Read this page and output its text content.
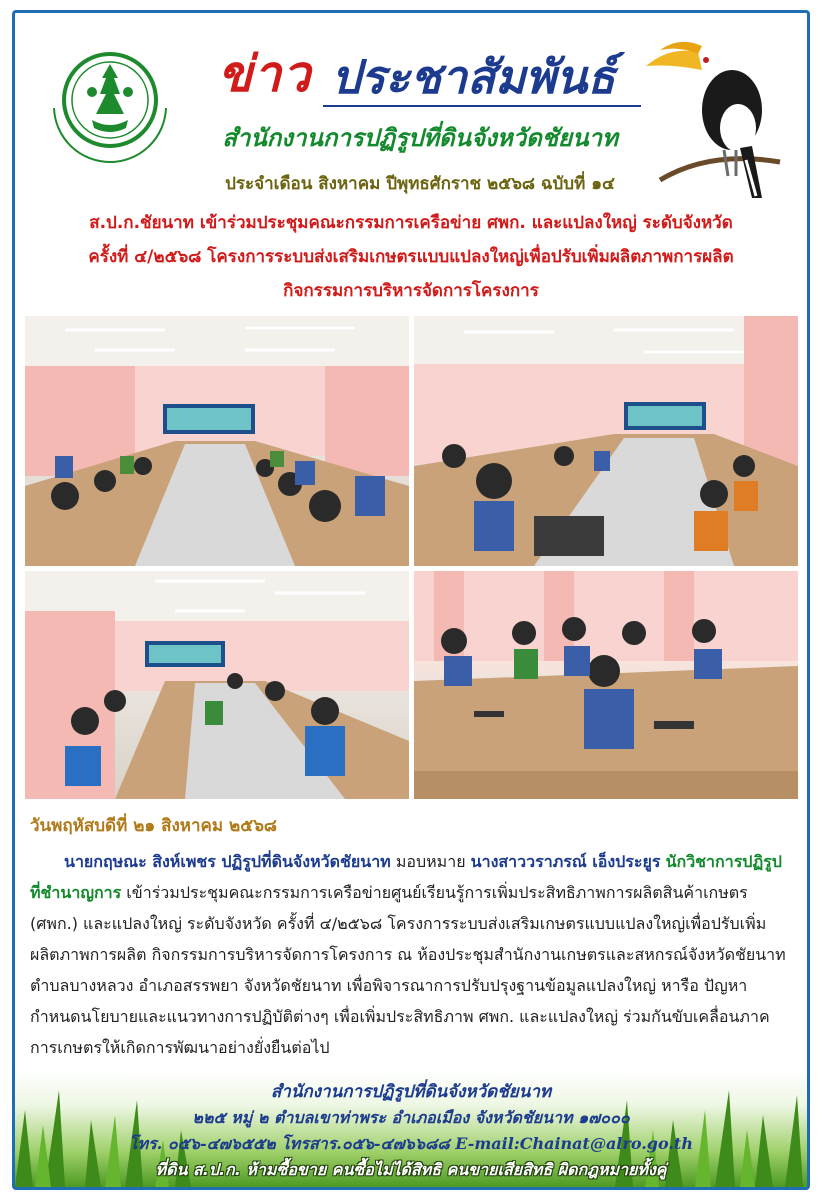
ข่าว ประชาสัมพันธ์
สำนักงานการปฏิรูปที่ดินจังหวัดชัยนาท
ประจำเดือน สิงหาคม ปีพุทธศักราช ๒๕๖๘ ฉบับที่ ๑๔
ส.ป.ก.ชัยนาท เข้าร่วมประชุมคณะกรรมการเครือข่าย ศพก. และแปลงใหญ่ ระดับจังหวัด
ครั้งที่ ๔/๒๕๖๘ โครงการระบบส่งเสริมเกษตรแบบแปลงใหญ่เพื่อปรับเพิ่มผลิตภาพการผลิต
กิจกรรมการบริหารจัดการโครงการ
วันพฤหัสบดีที่ ๒๑ สิงหาคม ๒๕๖๘
นายกฤษณะ สิงห์เพชร ปฏิรูปที่ดินจังหวัดชัยนาท มอบหมาย นางสาววราภรณ์ เอ็งประยูร นักวิชาการปฏิรูปที่ชำนาญการ เข้าร่วมประชุมคณะกรรมการเครือข่ายศูนย์เรียนรู้การเพิ่มประสิทธิภาพการผลิตสินค้าเกษตร (ศพก.) และแปลงใหญ่ ระดับจังหวัด ครั้งที่ ๔/๒๕๖๘ โครงการระบบส่งเสริมเกษตรแบบแปลงใหญ่เพื่อปรับเพิ่มผลิตภาพการผลิต กิจกรรมการบริหารจัดการโครงการ ณ ห้องประชุมสำนักงานเกษตรและสหกรณ์จังหวัดชัยนาท ตำบลบางหลวง อำเภอสรรพยา จังหวัดชัยนาท เพื่อพิจารณาการปรับปรุงฐานข้อมูลแปลงใหญ่ หารือ ปัญหา กำหนดนโยบายและแนวทางการปฏิบัติต่างๆ เพื่อเพิ่มประสิทธิภาพ ศพก. และแปลงใหญ่ ร่วมกันขับเคลื่อนภาคการเกษตรให้เกิดการพัฒนาอย่างยั่งยืนต่อไป
สำนักงานการปฏิรูปที่ดินจังหวัดชัยนาท
๒๒๕ หมู่ ๒ ตำบลเขาท่าพระ อำเภอเมือง จังหวัดชัยนาท ๑๗๐๐๐
โทร. ๐๕๖-๔๗๖๕๕๒ โทรสาร.๐๕๖-๔๗๖๖๘๘ E-mail:Chainat@alro.go.th
ที่ดิน ส.ป.ก. ห้ามซื้อขาย คนซื้อไม่ได้สิทธิ คนขายเสียสิทธิ ผิดกฎหมายทั้งคู่
